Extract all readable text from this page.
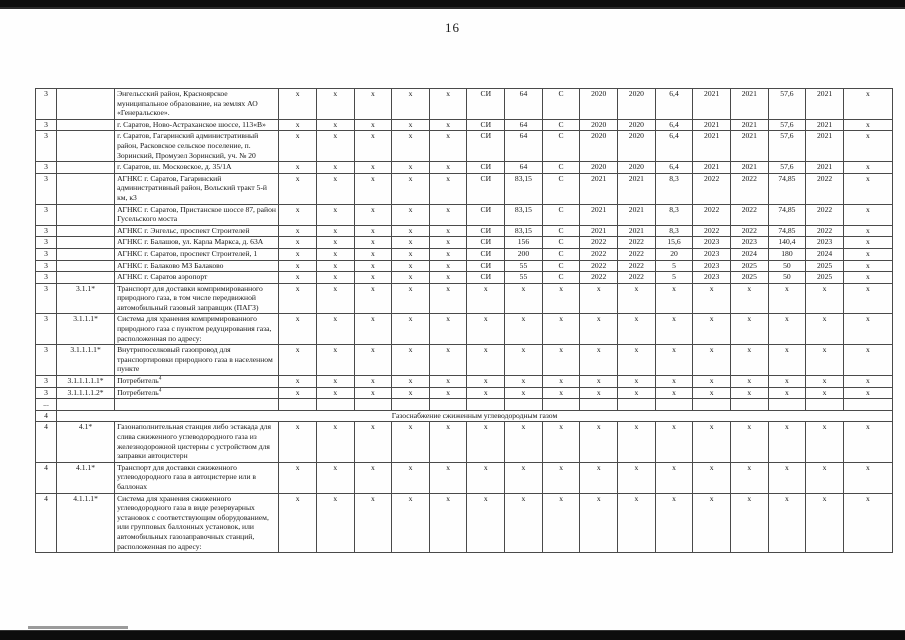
16
3		Энгельсский район, Красноярское муниципальное образование, на землях АО «Генеральское».	x	x	x	x	x	СИ	64	С	2020	2020	6,4	2021	2021	57,6	2021	x
3		г. Саратов, Ново-Астраханское шоссе, 113«В»	x	x	x	x	x	СИ	64	С	2020	2020	6,4	2021	2021	57,6	2021	x
3		г. Саратов, Гагаринский административный район, Расковское сельское поселение, п. Зоринский, Промузел Зоринский, уч. № 20	x	x	x	x	x	СИ	64	С	2020	2020	6,4	2021	2021	57,6	2021	x
3		г. Саратов, ш. Московское, д. 35/1А	x	x	x	x	x	СИ	64	С	2020	2020	6,4	2021	2021	57,6	2021	x
3		АГНКС г. Саратов, Гагаринский административный район, Вольский тракт 5-й км, к3	x	x	x	x	x	СИ	83,15	С	2021	2021	8,3	2022	2022	74,85	2022	x
3		АГНКС г. Саратов, Пристанское шоссе 87, район Гусельского моста	x	x	x	x	x	СИ	83,15	С	2021	2021	8,3	2022	2022	74,85	2022	x
3		АГНКС г. Энгельс, проспект Строителей	x	x	x	x	x	СИ	83,15	С	2021	2021	8,3	2022	2022	74,85	2022	x
3		АГНКС г. Балашов, ул. Карла Маркса, д. 63А	x	x	x	x	x	СИ	156	С	2022	2022	15,6	2023	2023	140,4	2023	x
3		АГНКС г. Саратов, проспект Строителей, 1	x	x	x	x	x	СИ	200	С	2022	2022	20	2023	2024	180	2024	x
3		АГНКС г. Балаково МЗ Балаково	x	x	x	x	x	СИ	55	С	2022	2022	5	2023	2025	50	2025	x
3		АГНКС г. Саратов аэропорт	x	x	x	x	x	СИ	55	С	2022	2022	5	2023	2025	50	2025	x
3	3.1.1*	Транспорт для доставки компримированного природного газа, в том числе передвижной автомобильный газовый заправщик (ПАГЗ)	x	x	x	x	x	x	x	x	x	x	x	x	x	x	x	x
3	3.1.1.1*	Система для хранения компримированного природного газа с пунктом редуцирования газа, расположенная по адресу:	x	x	x	x	x	x	x	x	x	x	x	x	x	x	x	x
3	3.1.1.1.1*	Внутрипоселковый газопровод для транспортировки природного газа в населенном пункте	x	x	x	x	x	x	x	x	x	x	x	x	x	x	x	x
3	3.1.1.1.1.1*	Потребитель$^4$	x	x	x	x	x	x	x	x	x	x	x	x	x	x	x	x
3	3.1.1.1.1.2*	Потребитель$^4$	x	x	x	x	x	x	x	x	x	x	x	x	x	x	x	x
...																		
4	Газоснабжение сжиженным углеводородным газом																	
4	4.1*	Газонаполнительная станция либо эстакада для слива сжиженного углеводородного газа из железнодорожной цистерны с устройством для заправки автоцистерн	x	x	x	x	x	x	x	x	x	x	x	x	x	x	x	x
4	4.1.1*	Транспорт для доставки сжиженного углеводородного газа в автоцистерне или в баллонах	x	x	x	x	x	x	x	x	x	x	x	x	x	x	x	x
4	4.1.1.1*	Система для хранения сжиженного углеводородного газа в виде резервуарных установок с соответствующим оборудованием, или групповых баллонных установок, или автомобильных газозаправочных станций, расположенная по адресу:	x	x	x	x	x	x	x	x	x	x	x	x	x	x	x	x
